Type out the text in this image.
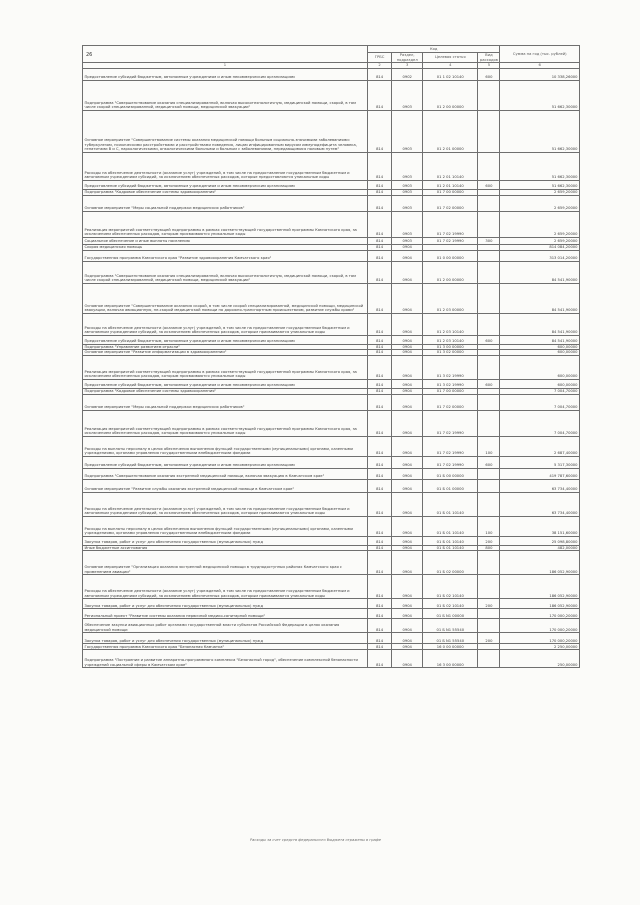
26
	Код				Сумма на год (тыс. рублей)
	ГРБС	Раздел, подраздел	Целевая статья	Вид расходов	
1	2	3	4	5	6
Предоставление субсидий бюджетным, автономным учреждениям и иным некоммерческим организациям	814	0902	01 1 02 10140	600	10 338,26000
Подпрограмма "Совершенствование оказания специализированной, включая высокотехнологичную, медицинской помощи, скорой, в том числе скорой специализированной, медицинской помощи, медицинской эвакуации"	814	0903	01 2 00 00000		51 662,30000
Основное мероприятие "Совершенствование системы оказания медицинской помощи больным социально-значимыми заболеваниями: туберкулезом, психическими расстройствами и расстройствами поведения, лицам инфицированным вирусом иммунодефицита человека, гепатитами B и C, наркологическими, онкологическими больными и больным с заболеваниями, передающимися половым путем"	814	0903	01 2 01 00000		51 662,30000
Расходы на обеспечение деятельности (оказание услуг) учреждений, в том числе на предоставление государственным бюджетным и автономным учреждениям субсидий, за исключением обеспеченных расходов, которые предоставляются уникальные коды	814	0903	01 2 01 10140		51 662,30000
Предоставление субсидий бюджетным, автономным учреждениям и иным некоммерческим организациям	814	0903	01 2 01 10140	600	51 662,30000
Подпрограмма "Кадровое обеспечение системы здравоохранения"	814	0903	01 7 00 00000		2 659,20000
Основное мероприятие "Меры социальной поддержки медицинских работников"	814	0903	01 7 02 00000		2 659,20000
Реализация мероприятий соответствующей подпрограммы в рамках соответствующей государственной программы Камчатского края, за исключением обеспеченных расходов, которым присваиваются уникальные коды	814	0903	01 7 02 19990		2 659,20000
Социальное обеспечение и иные выплаты населению	814	0903	01 7 02 19990	300	2 659,20000
Скорая медицинская помощь	814	0904			814 084,20000
Государственная программа Камчатского края "Развитие здравоохранения Камчатского края"	814	0904	01 0 00 00000		313 014,20000
Подпрограмма "Совершенствование оказания специализированной, включая высокотехнологичную, медицинской помощи, скорой, в том числе скорой специализированной, медицинской помощи, медицинской эвакуации"	814	0904	01 2 00 00000		84 541,90000
Основное мероприятие "Совершенствование оказания скорой, в том числе скорой специализированной, медицинской помощи, медицинской эвакуации, включая авиационную, не-скорой медицинской помощи по дорожно-транспортным происшествиям, развитие службы крови"	814	0904	01 2 03 00000		84 541,90000
Расходы на обеспечение деятельности (оказание услуг) учреждений, в том числе на предоставление государственным бюджетным и автономным учреждениям субсидий, за исключением обеспеченных расходов, которым присваиваются уникальные коды	814	0904	01 2 03 10140		84 541,90000
Предоставление субсидий бюджетным, автономным учреждениям и иным некоммерческим организациям	814	0904	01 2 03 10140	600	84 541,90000
Подпрограмма "Управление развитием отрасли"	814	0904	01 3 00 00000		600,00000
Основное мероприятие "Развитие информатизации в здравоохранении"	814	0904	01 3 02 00000		600,00000
Реализация мероприятий соответствующей подпрограммы в рамках соответствующей государственной программы Камчатского края, за исключением обеспеченных расходов, которым присваиваются уникальные коды	814	0904	01 3 02 19990		600,00000
Предоставление субсидий бюджетным, автономным учреждениям и иным некоммерческим организациям	814	0904	01 3 02 19990	600	600,00000
Подпрограмма "Кадровое обеспечение системы здравоохранения"	814	0904	01 7 00 00000		7 004,70000
Основное мероприятие "Меры социальной поддержки медицинских работников"	814	0904	01 7 02 00000		7 004,70000
Реализация мероприятий соответствующей подпрограммы в рамках соответствующей государственной программы Камчатского края, за исключением обеспеченных расходов, которым присваиваются уникальные коды	814	0904	01 7 02 19990		7 004,70000
Расходы на выплаты персоналу в целях обеспечения выполнения функций государственными (муниципальными) органами, казенными учреждениями, органами управления государственными внебюджетными фондами	814	0904	01 7 02 19990	100	2 687,40000
Предоставление субсидий бюджетным, автономным учреждениям и иным некоммерческим организациям	814	0904	01 7 02 19990	600	5 317,30000
Подпрограмма "Совершенствование оказания экстренной медицинской помощи, включая эвакуацию в Камчатском крае"	814	0904	01 Б 00 00000		419 787,60000
Основное мероприятие "Развитие службы оказания экстренной медицинской помощи в Камчатском крае"	814	0904	01 Б 01 00000		63 734,40000
Расходы на обеспечение деятельности (оказание услуг) учреждений, в том числе на предоставление государственным бюджетным и автономным учреждениям субсидий, за исключением обеспеченных расходов, которым присваиваются уникальные коды	814	0904	01 Б 01 10140		63 734,40000
Расходы на выплаты персоналу в целях обеспечения выполнения функций государственными (муниципальными) органами, казенными учреждениями, органами управления государственными внебюджетными фондами	814	0904	01 Б 01 10140	100	38 151,60000
Закупка товаров, работ и услуг для обеспечения государственных (муниципальных) нужд	814	0904	01 Б 01 10140	200	25 098,80000
Иные бюджетные ассигнования	814	0904	01 Б 01 10140	800	482,00000
Основное мероприятие "Организация оказания экстренной медицинской помощи в труднодоступных районах Камчатского края с применением авиации"	814	0904	01 Б 02 00000		186 052,90000
Расходы на обеспечение деятельности (оказание услуг) учреждений, в том числе на предоставление государственным бюджетным и автономным учреждениям субсидий, за исключением обеспеченных расходов, которым присваиваются уникальные коды	814	0904	01 Б 02 10140		186 052,90000
Закупка товаров, работ и услуг для обеспечения государственных (муниципальных) нужд	814	0904	01 Б 02 10140	200	186 052,90000
Региональный проект "Развитие системы оказания первичной медико-санитарной помощи"	814	0904	01 Б N1 00000		170 000,20000
Обеспечение закупки авиационных работ органами государственной власти субъектов Российской Федерации в целях оказания медицинской помощи	814	0904	01 Б N1 55540		170 000,20000
Закупка товаров, работ и услуг для обеспечения государственных (муниципальных) нужд	814	0904	01 Б N1 55540	200	170 000,20000
Государственная программа Камчатского края "Безопасная Камчатка"	814	0904	16 0 00 00000		2 250,00000
Подпрограмма "Построение и развитие аппаратно-программного комплекса "Безопасный город", обеспечение комплексной безопасности учреждений социальной сферы в Камчатском крае"	814	0904	16 3 00 00000		250,00000
Расходы за счет средств федерального бюджета отражены в графе
